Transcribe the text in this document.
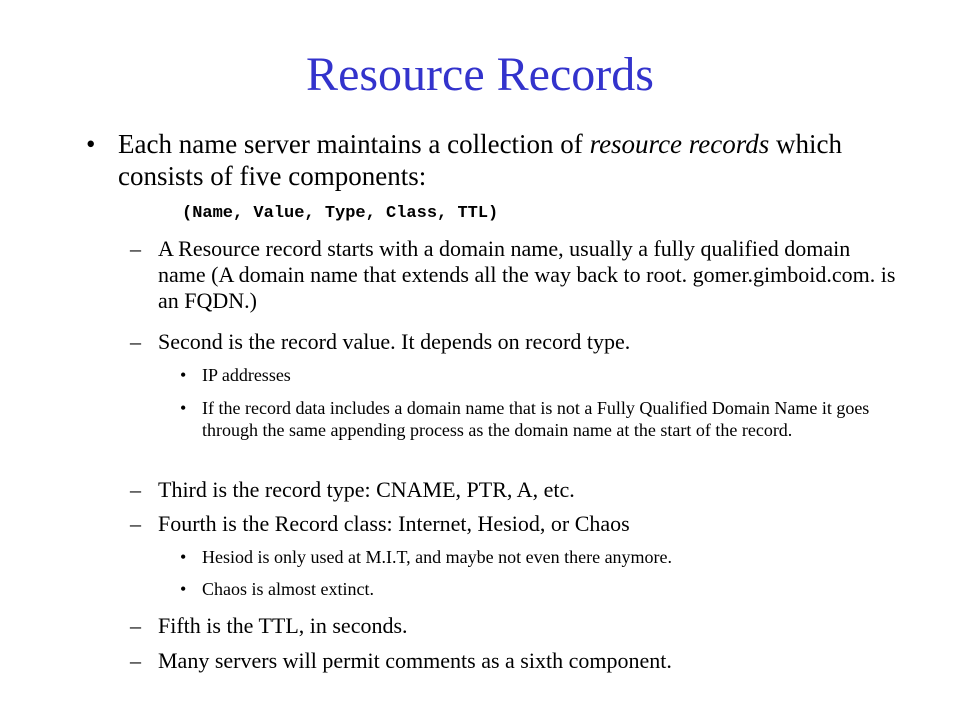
Resource Records
• Each name server maintains a collection of resource records which consists of five components:
(Name, Value, Type, Class, TTL)
– A Resource record starts with a domain name, usually a fully qualified domain name (A domain name that extends all the way back to root. gomer.gimboid.com. is an FQDN.)
– Second is the record value. It depends on record type.
• IP addresses
• If the record data includes a domain name that is not a Fully Qualified Domain Name it goes through the same appending process as the domain name at the start of the record.
– Third is the record type: CNAME, PTR, A, etc.
– Fourth is the Record class: Internet, Hesiod, or Chaos
• Hesiod is only used at M.I.T, and maybe not even there anymore.
• Chaos is almost extinct.
– Fifth is the TTL, in seconds.
– Many servers will permit comments as a sixth component.
